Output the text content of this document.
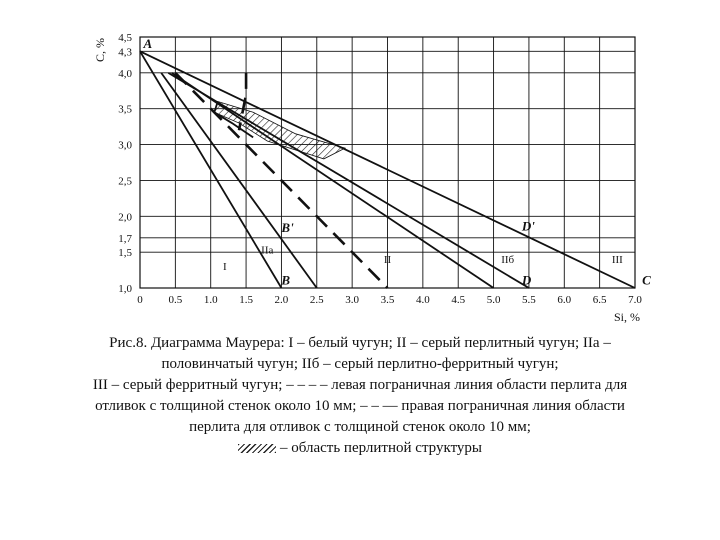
0 0.5 1.0 1.5 2.0 2.5 3.0 3.5 4.0 4.5 5.0 5.5 6.0 6.5 7.0
1,0
1,5
1,7
2,0
2,5
3,0
3,5
4,0
4,3
4,5 A
B'
B
D'
D	C
I
IIa
II	IIб	III
C, %
Si, %

Рис.8. Диаграмма Маурера: I – белый чугун; II – серый перлитный чугун; IIa –

половинчатый чугун; IIб – серый перлитно-ферритный чугун;

III – серый ферритный чугун; – – – – левая пограничная линия области перлита для

отливок с толщиной стенок около 10 мм; – – — правая пограничная линия области

перлита для отливок с толщиной стенок около 10 мм;

– область перлитной структуры
